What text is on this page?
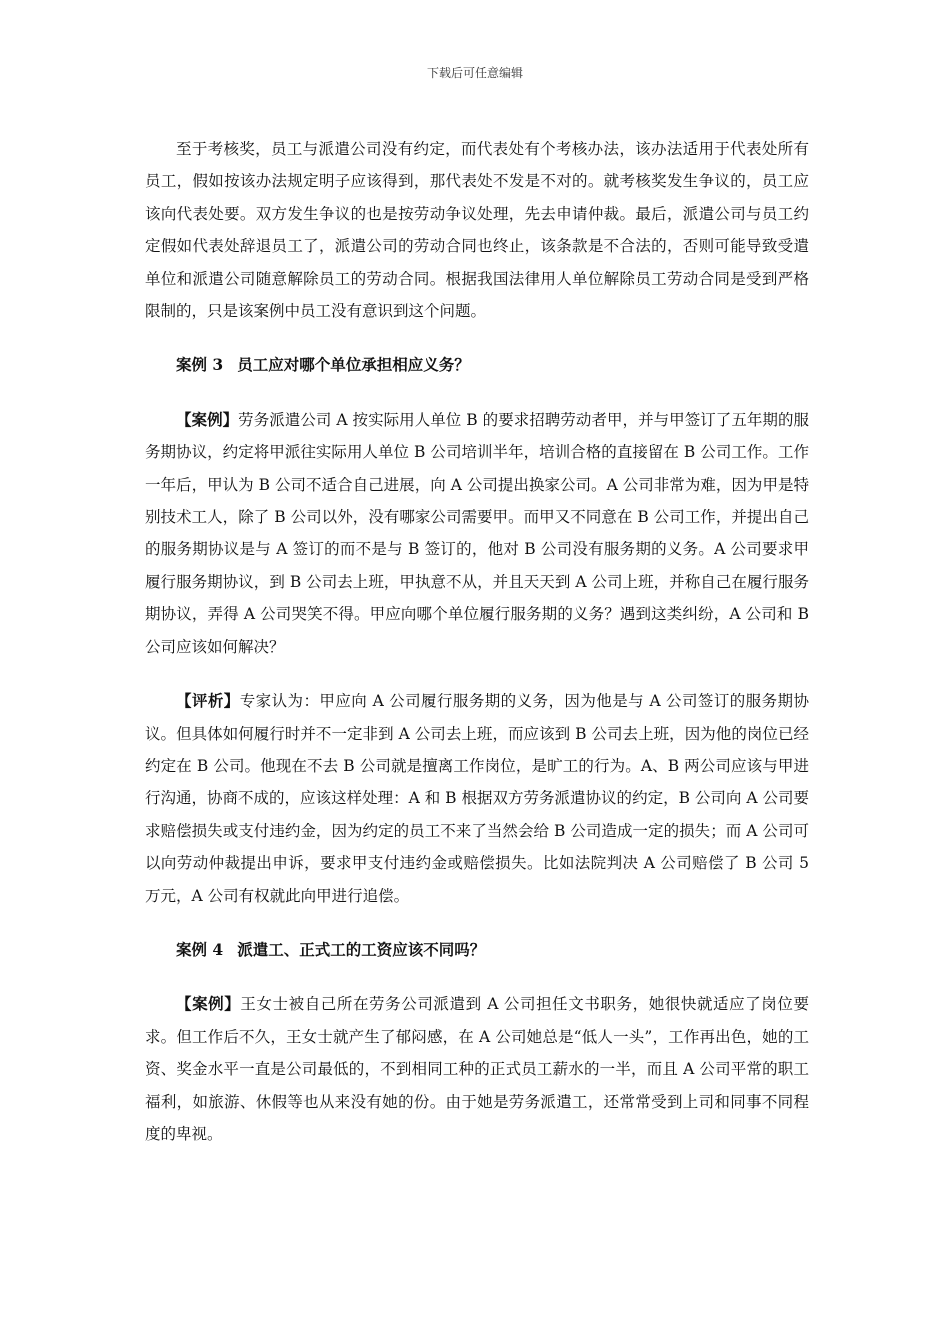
下载后可任意编辑

至于考核奖，员工与派遣公司没有约定，而代表处有个考核办法，该办法适用于代表处所有员工，假如按该办法规定明子应该得到，那代表处不发是不对的。就考核奖发生争议的，员工应该向代表处要。双方发生争议的也是按劳动争议处理，先去申请仲裁。最后，派遣公司与员工约定假如代表处辞退员工了，派遣公司的劳动合同也终止，该条款是不合法的，否则可能导致受遣单位和派遣公司随意解除员工的劳动合同。根据我国法律用人单位解除员工劳动合同是受到严格限制的，只是该案例中员工没有意识到这个问题。

案例 3 员工应对哪个单位承担相应义务？

【案例】劳务派遣公司 A 按实际用人单位 B 的要求招聘劳动者甲，并与甲签订了五年期的服务期协议，约定将甲派往实际用人单位 B 公司培训半年，培训合格的直接留在 B 公司工作。工作一年后，甲认为 B 公司不适合自己进展，向 A 公司提出换家公司。A 公司非常为难，因为甲是特别技术工人，除了 B 公司以外，没有哪家公司需要甲。而甲又不同意在 B 公司工作，并提出自己的服务期协议是与 A 签订的而不是与 B 签订的，他对 B 公司没有服务期的义务。A 公司要求甲履行服务期协议，到 B 公司去上班，甲执意不从，并且天天到 A 公司上班，并称自己在履行服务期协议，弄得 A 公司哭笑不得。甲应向哪个单位履行服务期的义务？遇到这类纠纷，A 公司和 B 公司应该如何解决？

【评析】专家认为：甲应向 A 公司履行服务期的义务，因为他是与 A 公司签订的服务期协议。但具体如何履行时并不一定非到 A 公司去上班，而应该到 B 公司去上班，因为他的岗位已经约定在 B 公司。他现在不去 B 公司就是擅离工作岗位，是旷工的行为。A、B 两公司应该与甲进行沟通，协商不成的，应该这样处理：A 和 B 根据双方劳务派遣协议的约定，B 公司向 A 公司要求赔偿损失或支付违约金，因为约定的员工不来了当然会给 B 公司造成一定的损失；而 A 公司可以向劳动仲裁提出申诉，要求甲支付违约金或赔偿损失。比如法院判决 A 公司赔偿了 B 公司 5 万元，A 公司有权就此向甲进行追偿。

案例 4 派遣工、正式工的工资应该不同吗？

【案例】王女士被自己所在劳务公司派遣到 A 公司担任文书职务，她很快就适应了岗位要求。但工作后不久，王女士就产生了郁闷感，在 A 公司她总是“低人一头”，工作再出色，她的工资、奖金水平一直是公司最低的，不到相同工种的正式员工薪水的一半，而且 A 公司平常的职工福利，如旅游、休假等也从来没有她的份。由于她是劳务派遣工，还常常受到上司和同事不同程度的卑视。
